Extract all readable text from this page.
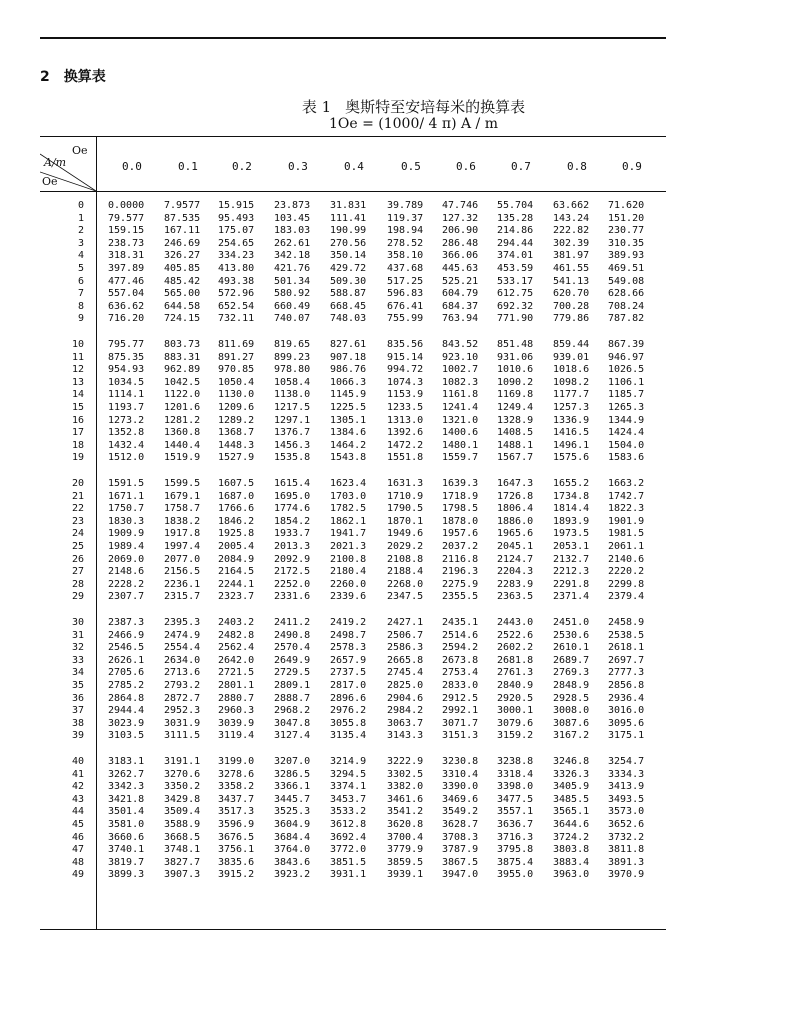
2 换算表
表 1 奥斯特至安培每米的换算表
1Oe = (1000/ 4 π) A / m
Oe
A/m
Oe
0.0	0.1	0.2	0.3	0.4	0.5	0.6	0.7	0.8	0.9
0 0.0000 7.9577 15.915 23.873 31.831 39.789 47.746 55.704 63.662 71.620
1 79.577 87.535 95.493 103.45 111.41 119.37 127.32 135.28 143.24 151.20
2 159.15 167.11 175.07 183.03 190.99 198.94 206.90 214.86 222.82 230.77
3 238.73 246.69 254.65 262.61 270.56 278.52 286.48 294.44 302.39 310.35
4 318.31 326.27 334.23 342.18 350.14 358.10 366.06 374.01 381.97 389.93
5 397.89 405.85 413.80 421.76 429.72 437.68 445.63 453.59 461.55 469.51
6 477.46 485.42 493.38 501.34 509.30 517.25 525.21 533.17 541.13 549.08
7 557.04 565.00 572.96 580.92 588.87 596.83 604.79 612.75 620.70 628.66
8 636.62 644.58 652.54 660.49 668.45 676.41 684.37 692.32 700.28 708.24
9 716.20 724.15 732.11 740.07 748.03 755.99 763.94 771.90 779.86 787.82
10 795.77 803.73 811.69 819.65 827.61 835.56 843.52 851.48 859.44 867.39
11 875.35 883.31 891.27 899.23 907.18 915.14 923.10 931.06 939.01 946.97
12 954.93 962.89 970.85 978.80 986.76 994.72 1002.7 1010.6 1018.6 1026.5
13 1034.5 1042.5 1050.4 1058.4 1066.3 1074.3 1082.3 1090.2 1098.2 1106.1
14 1114.1 1122.0 1130.0 1138.0 1145.9 1153.9 1161.8 1169.8 1177.7 1185.7
15 1193.7 1201.6 1209.6 1217.5 1225.5 1233.5 1241.4 1249.4 1257.3 1265.3
16 1273.2 1281.2 1289.2 1297.1 1305.1 1313.0 1321.0 1328.9 1336.9 1344.9
17 1352.8 1360.8 1368.7 1376.7 1384.6 1392.6 1400.6 1408.5 1416.5 1424.4
18 1432.4 1440.4 1448.3 1456.3 1464.2 1472.2 1480.1 1488.1 1496.1 1504.0
19 1512.0 1519.9 1527.9 1535.8 1543.8 1551.8 1559.7 1567.7 1575.6 1583.6
20 1591.5 1599.5 1607.5 1615.4 1623.4 1631.3 1639.3 1647.3 1655.2 1663.2
21 1671.1 1679.1 1687.0 1695.0 1703.0 1710.9 1718.9 1726.8 1734.8 1742.7
22 1750.7 1758.7 1766.6 1774.6 1782.5 1790.5 1798.5 1806.4 1814.4 1822.3
23 1830.3 1838.2 1846.2 1854.2 1862.1 1870.1 1878.0 1886.0 1893.9 1901.9
24 1909.9 1917.8 1925.8 1933.7 1941.7 1949.6 1957.6 1965.6 1973.5 1981.5
25 1989.4 1997.4 2005.4 2013.3 2021.3 2029.2 2037.2 2045.1 2053.1 2061.1
26 2069.0 2077.0 2084.9 2092.9 2100.8 2108.8 2116.8 2124.7 2132.7 2140.6
27 2148.6 2156.5 2164.5 2172.5 2180.4 2188.4 2196.3 2204.3 2212.3 2220.2
28 2228.2 2236.1 2244.1 2252.0 2260.0 2268.0 2275.9 2283.9 2291.8 2299.8
29 2307.7 2315.7 2323.7 2331.6 2339.6 2347.5 2355.5 2363.5 2371.4 2379.4
30 2387.3 2395.3 2403.2 2411.2 2419.2 2427.1 2435.1 2443.0 2451.0 2458.9
31 2466.9 2474.9 2482.8 2490.8 2498.7 2506.7 2514.6 2522.6 2530.6 2538.5
32 2546.5 2554.4 2562.4 2570.4 2578.3 2586.3 2594.2 2602.2 2610.1 2618.1
33 2626.1 2634.0 2642.0 2649.9 2657.9 2665.8 2673.8 2681.8 2689.7 2697.7
34 2705.6 2713.6 2721.5 2729.5 2737.5 2745.4 2753.4 2761.3 2769.3 2777.3
35 2785.2 2793.2 2801.1 2809.1 2817.0 2825.0 2833.0 2840.9 2848.9 2856.8
36 2864.8 2872.7 2880.7 2888.7 2896.6 2904.6 2912.5 2920.5 2928.5 2936.4
37 2944.4 2952.3 2960.3 2968.2 2976.2 2984.2 2992.1 3000.1 3008.0 3016.0
38 3023.9 3031.9 3039.9 3047.8 3055.8 3063.7 3071.7 3079.6 3087.6 3095.6
39 3103.5 3111.5 3119.4 3127.4 3135.4 3143.3 3151.3 3159.2 3167.2 3175.1
40 3183.1 3191.1 3199.0 3207.0 3214.9 3222.9 3230.8 3238.8 3246.8 3254.7
41 3262.7 3270.6 3278.6 3286.5 3294.5 3302.5 3310.4 3318.4 3326.3 3334.3
42 3342.3 3350.2 3358.2 3366.1 3374.1 3382.0 3390.0 3398.0 3405.9 3413.9
43 3421.8 3429.8 3437.7 3445.7 3453.7 3461.6 3469.6 3477.5 3485.5 3493.5
44 3501.4 3509.4 3517.3 3525.3 3533.2 3541.2 3549.2 3557.1 3565.1 3573.0
45 3581.0 3588.9 3596.9 3604.9 3612.8 3620.8 3628.7 3636.7 3644.6 3652.6
46 3660.6 3668.5 3676.5 3684.4 3692.4 3700.4 3708.3 3716.3 3724.2 3732.2
47 3740.1 3748.1 3756.1 3764.0 3772.0 3779.9 3787.9 3795.8 3803.8 3811.8
48 3819.7 3827.7 3835.6 3843.6 3851.5 3859.5 3867.5 3875.4 3883.4 3891.3
49 3899.3 3907.3 3915.2 3923.2 3931.1 3939.1 3947.0 3955.0 3963.0 3970.9
